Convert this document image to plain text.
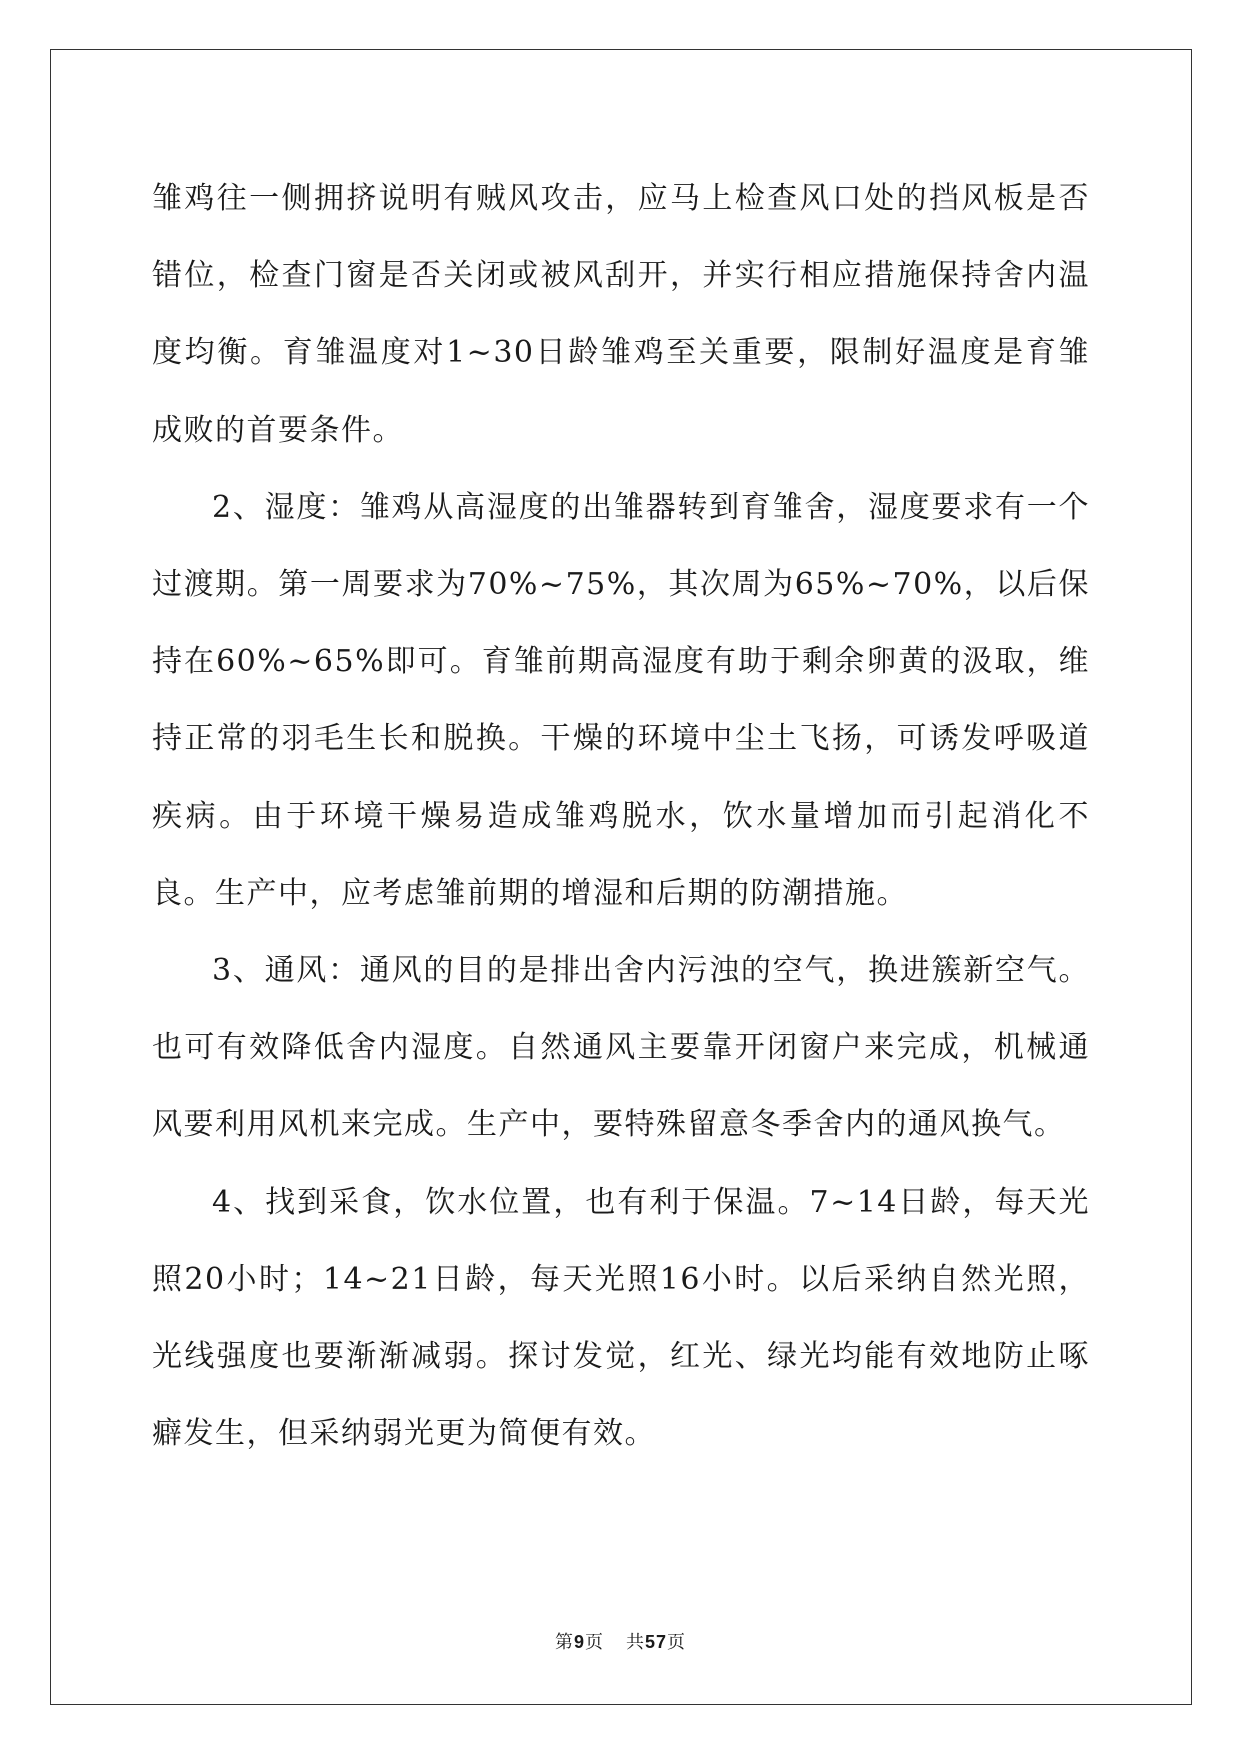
雏鸡往一侧拥挤说明有贼风攻击，应马上检查风口处的挡风板是否错位，检查门窗是否关闭或被风刮开，并实行相应措施保持舍内温度均衡。育雏温度对1~30日龄雏鸡至关重要，限制好温度是育雏成败的首要条件。

2、湿度：雏鸡从高湿度的出雏器转到育雏舍，湿度要求有一个过渡期。第一周要求为70%~75%，其次周为65%~70%，以后保持在60%~65%即可。育雏前期高湿度有助于剩余卵黄的汲取，维持正常的羽毛生长和脱换。干燥的环境中尘土飞扬，可诱发呼吸道疾病。由于环境干燥易造成雏鸡脱水，饮水量增加而引起消化不良。生产中，应考虑雏前期的增湿和后期的防潮措施。

3、通风：通风的目的是排出舍内污浊的空气，换进簇新空气。也可有效降低舍内湿度。自然通风主要靠开闭窗户来完成，机械通风要利用风机来完成。生产中，要特殊留意冬季舍内的通风换气。

4、找到采食，饮水位置，也有利于保温。7~14日龄，每天光照20小时；14~21日龄，每天光照16小时。以后采纳自然光照，光线强度也要渐渐减弱。探讨发觉，红光、绿光均能有效地防止啄癖发生，但采纳弱光更为简便有效。

第9页 共57页
